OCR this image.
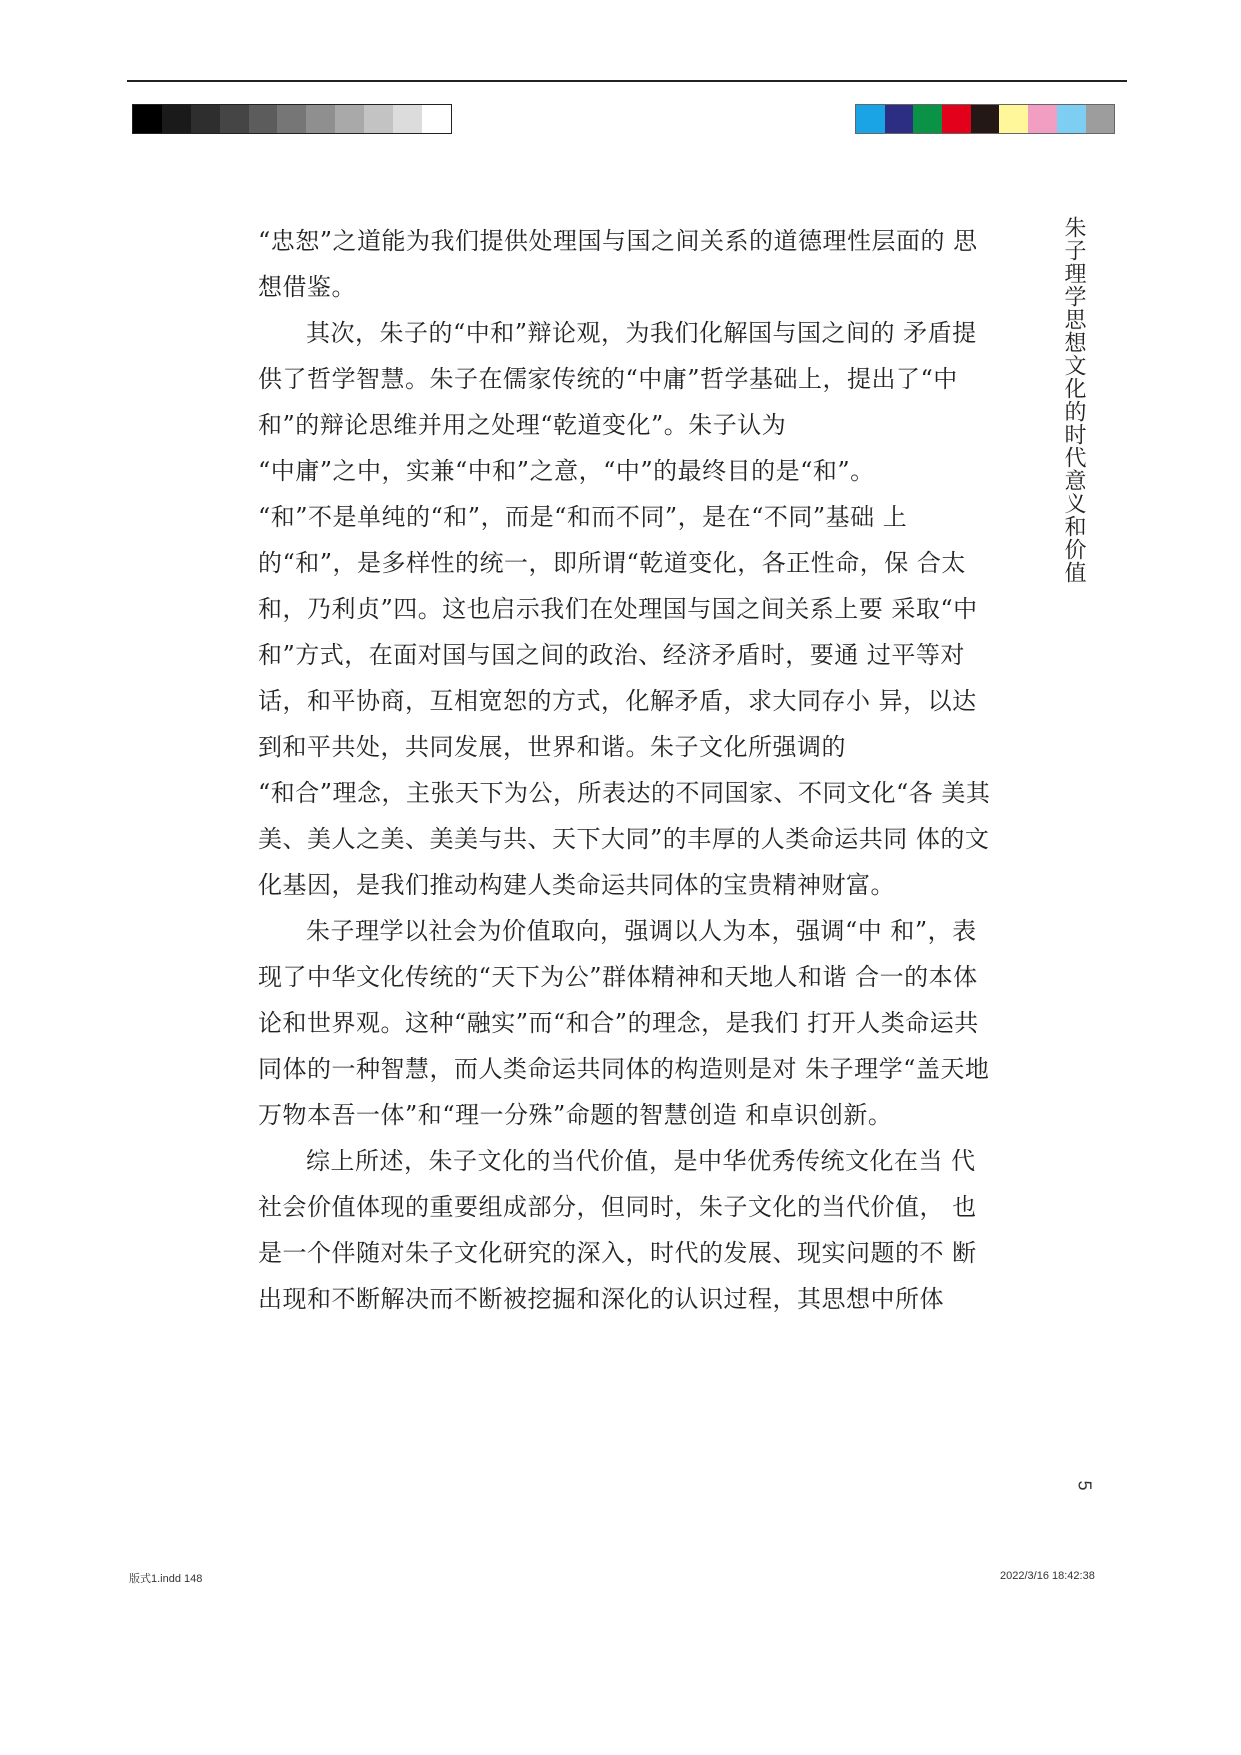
“忠恕”之道能为我们提供处理国与国之间关系的道德理性层面的 思想借鉴。

其次，朱子的“中和”辩论观，为我们化解国与国之间的 矛盾提供了哲学智慧。朱子在儒家传统的“中庸”哲学基础上，提出了“中和”的辩论思维并用之处理“乾道变化”。朱子认为

“中庸”之中，实兼“中和”之意，“中”的最终目的是“和”。

“和”不是单纯的“和”，而是“和而不同”，是在“不同”基础 上的“和”，是多样性的统一，即所谓“乾道变化，各正性命，保 合太和，乃利贞”四。这也启示我们在处理国与国之间关系上要 采取“中和”方式，在面对国与国之间的政治、经济矛盾时，要通 过平等对话，和平协商，互相宽恕的方式，化解矛盾，求大同存小 异，以达到和平共处，共同发展，世界和谐。朱子文化所强调的

“和合”理念，主张天下为公，所表达的不同国家、不同文化“各 美其美、美人之美、美美与共、天下大同”的丰厚的人类命运共同 体的文化基因，是我们推动构建人类命运共同体的宝贵精神财富。

朱子理学以社会为价值取向，强调以人为本，强调“中 和”，表现了中华文化传统的“天下为公”群体精神和天地人和谐 合一的本体论和世界观。这种“融实”而“和合”的理念，是我们 打开人类命运共同体的一种智慧，而人类命运共同体的构造则是对 朱子理学“盖天地万物本吾一体”和“理一分殊”命题的智慧创造 和卓识创新。

综上所述，朱子文化的当代价值，是中华优秀传统文化在当 代社会价值体现的重要组成部分，但同时，朱子文化的当代价值， 也是一个伴随对朱子文化研究的深入，时代的发展、现实问题的不 断出现和不断解决而不断被挖掘和深化的认识过程，其思想中所体

朱子理学思想文化的时代意义和价值
5
版式1.indd 148	2022/3/16 18:42:38
